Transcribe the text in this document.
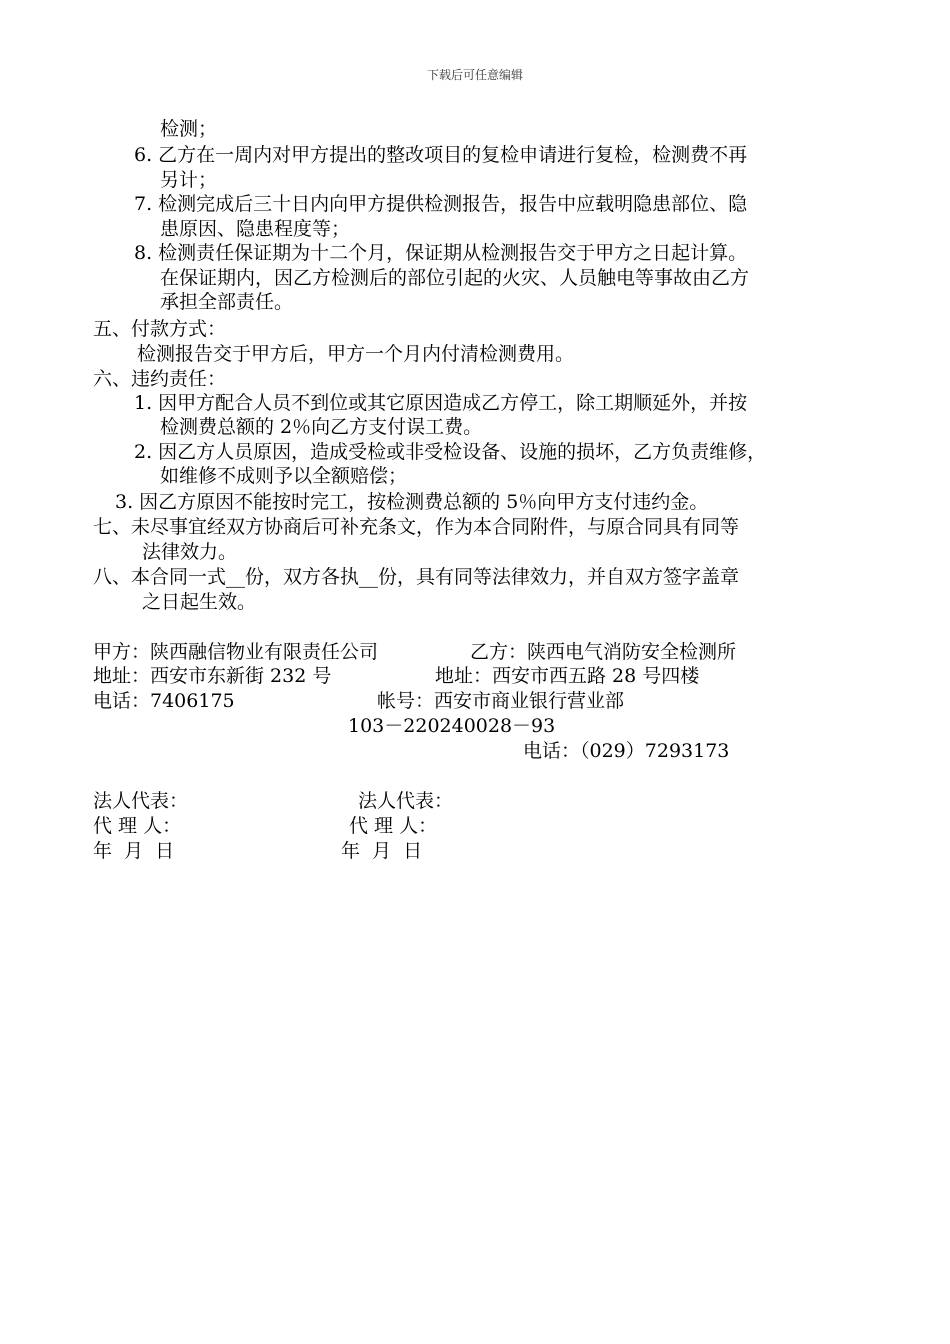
下载后可任意编辑
检测；
6. 乙方在一周内对甲方提出的整改项目的复检申请进行复检，检测费不再
另计；
7. 检测完成后三十日内向甲方提供检测报告，报告中应载明隐患部位、隐
患原因、隐患程度等；
8. 检测责任保证期为十二个月，保证期从检测报告交于甲方之日起计算。
在保证期内，因乙方检测后的部位引起的火灾、人员触电等事故由乙方
承担全部责任。
五、付款方式：
检测报告交于甲方后，甲方一个月内付清检测费用。
六、违约责任：
1. 因甲方配合人员不到位或其它原因造成乙方停工，除工期顺延外，并按
检测费总额的 2％向乙方支付误工费。
2. 因乙方人员原因，造成受检或非受检设备、设施的损坏，乙方负责维修，
如维修不成则予以全额赔偿；
3. 因乙方原因不能按时完工，按检测费总额的 5％向甲方支付违约金。
七、未尽事宜经双方协商后可补充条文，作为本合同附件，与原合同具有同等
法律效力。
八、本合同一式__份，双方各执__份，具有同等法律效力，并自双方签字盖章
之日起生效。
甲方：陕西融信物业有限责任公司	乙方：陕西电气消防安全检测所
地址：西安市东新街 232 号	地址：西安市西五路 28 号四楼
电话：7406175	帐号：西安市商业银行营业部
103－220240028－93
电话：（029）7293173
法人代表：	法人代表：
代 理 人：	代 理 人：
年  月  日	年  月  日
